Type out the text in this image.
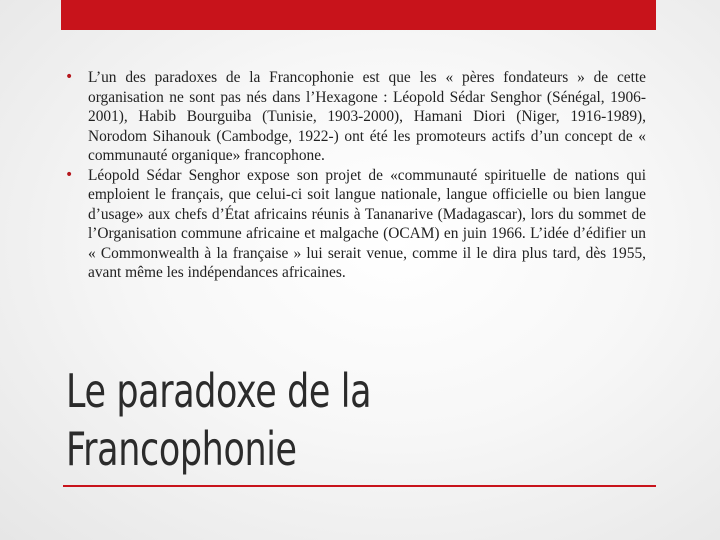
• L’un des paradoxes de la Francophonie est que les « pères fondateurs » de cette organisation ne sont pas nés dans l’Hexagone : Léopold Sédar Senghor (Sénégal, 1906-2001), Habib Bourguiba (Tunisie, 1903-2000), Hamani Diori (Niger, 1916-1989), Norodom Sihanouk (Cambodge, 1922-) ont été les promoteurs actifs d’un concept de « communauté organique» francophone.
• Léopold Sédar Senghor expose son projet de «communauté spirituelle de nations qui emploient le français, que celui-ci soit langue nationale, langue officielle ou bien langue d’usage» aux chefs d’État africains réunis à Tananarive (Madagascar), lors du sommet de l’Organisation commune africaine et malgache (OCAM) en juin 1966. L’idée d’édifier un « Commonwealth à la française » lui serait venue, comme il le dira plus tard, dès 1955, avant même les indépendances africaines.
Le paradoxe de la
Francophonie
